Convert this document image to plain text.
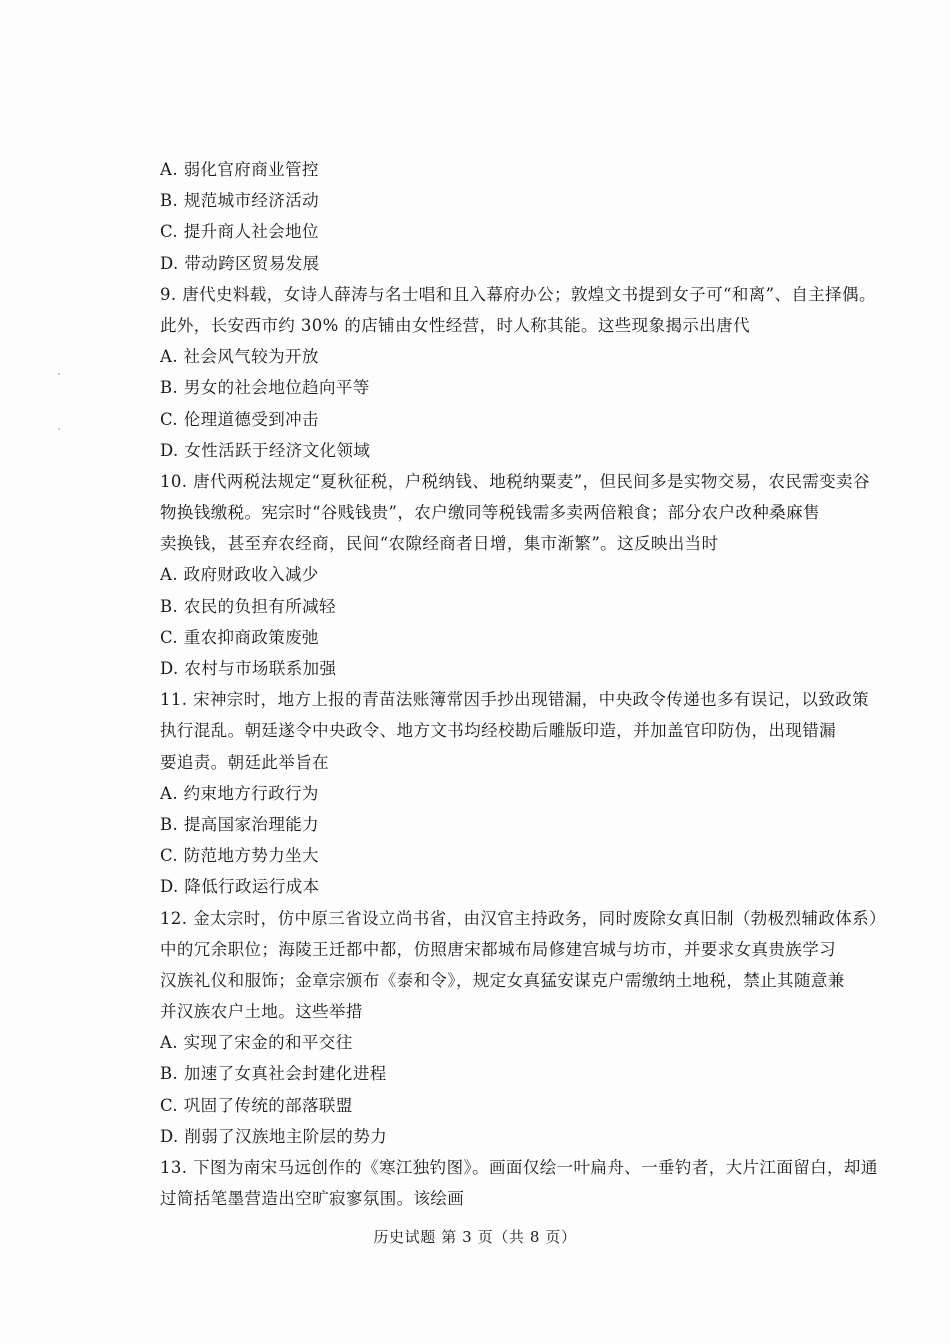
A. 弱化官府商业管控
B. 规范城市经济活动
C. 提升商人社会地位
D. 带动跨区贸易发展
9. 唐代史料载，女诗人薛涛与名士唱和且入幕府办公；敦煌文书提到女子可“和离”、自主择偶。
此外，长安西市约 30% 的店铺由女性经营，时人称其能。这些现象揭示出唐代
A. 社会风气较为开放
B. 男女的社会地位趋向平等
C. 伦理道德受到冲击
D. 女性活跃于经济文化领域
10. 唐代两税法规定“夏秋征税，户税纳钱、地税纳粟麦”，但民间多是实物交易，农民需变卖谷
物换钱缴税。宪宗时“谷贱钱贵”，农户缴同等税钱需多卖两倍粮食；部分农户改种桑麻售
卖换钱，甚至弃农经商，民间“农隙经商者日增，集市渐繁”。这反映出当时
A. 政府财政收入减少
B. 农民的负担有所减轻
C. 重农抑商政策废弛
D. 农村与市场联系加强
11. 宋神宗时，地方上报的青苗法账簿常因手抄出现错漏，中央政令传递也多有误记，以致政策
执行混乱。朝廷遂令中央政令、地方文书均经校勘后雕版印造，并加盖官印防伪，出现错漏
要追责。朝廷此举旨在
A. 约束地方行政行为
B. 提高国家治理能力
C. 防范地方势力坐大
D. 降低行政运行成本
12. 金太宗时，仿中原三省设立尚书省，由汉官主持政务，同时废除女真旧制（勃极烈辅政体系）
中的冗余职位；海陵王迁都中都，仿照唐宋都城布局修建宫城与坊市，并要求女真贵族学习
汉族礼仪和服饰；金章宗颁布《泰和令》，规定女真猛安谋克户需缴纳土地税，禁止其随意兼
并汉族农户土地。这些举措
A. 实现了宋金的和平交往
B. 加速了女真社会封建化进程
C. 巩固了传统的部落联盟
D. 削弱了汉族地主阶层的势力
13. 下图为南宋马远创作的《寒江独钓图》。画面仅绘一叶扁舟、一垂钓者，大片江面留白，却通
过简括笔墨营造出空旷寂寥氛围。该绘画
历史试题 第 3 页（共 8 页）
